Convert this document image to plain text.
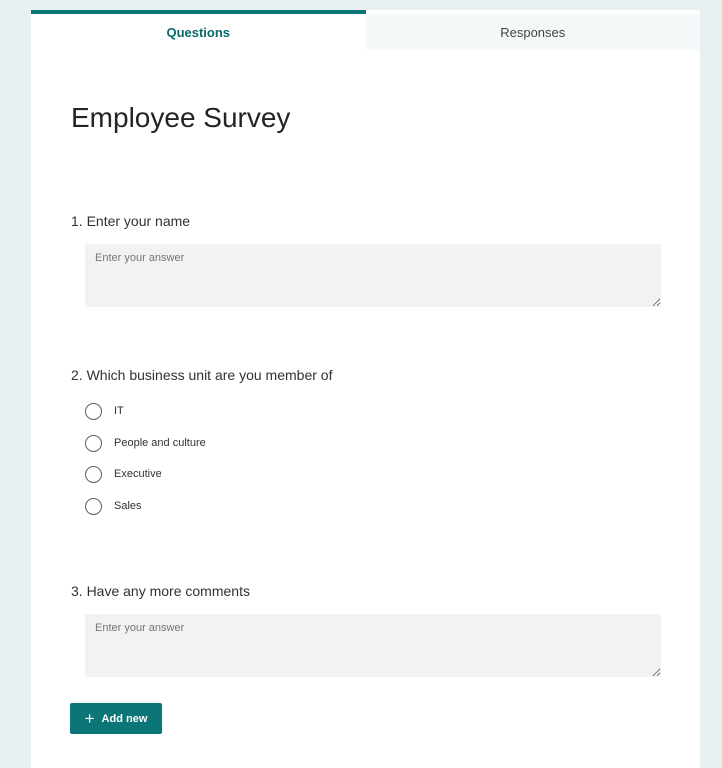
Questions	Responses
Employee Survey
1. Enter your name
Enter your answer
2. Which business unit are you member of
IT
People and culture
Executive
Sales
3. Have any more comments
Enter your answer
+ Add new
